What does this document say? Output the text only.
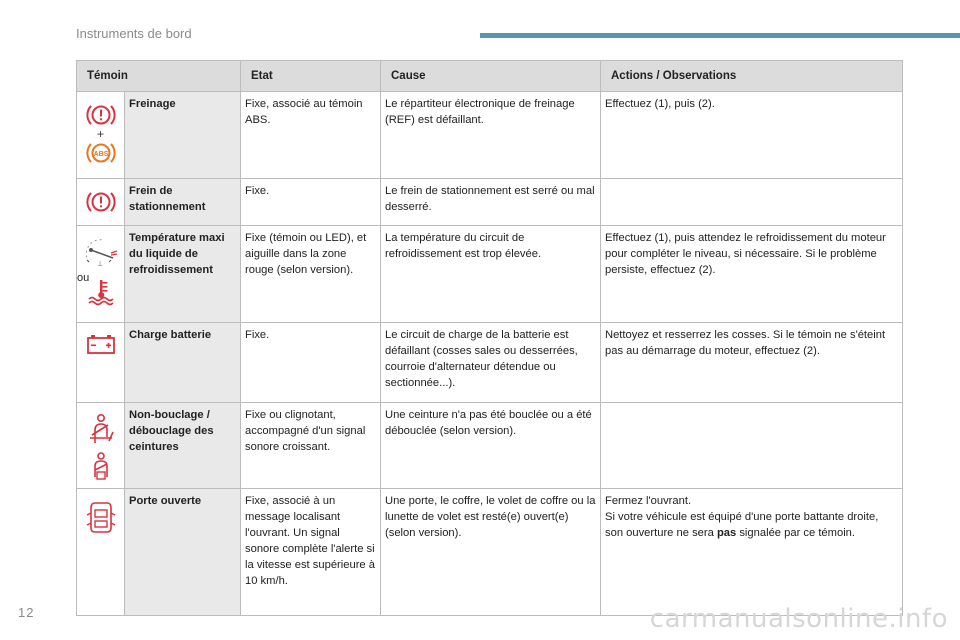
Instruments de bord
Témoin		Etat	Cause	Actions / Observations

+
ABS	Freinage	Fixe, associé au témoin ABS.	Le répartiteur électronique de freinage (REF) est défaillant.	Effectuez (1), puis (2).

	Frein de stationnement	Fixe.	Le frein de stationnement est serré ou mal desserré.	

⊥
ou	Température maxi du liquide de refroidissement	Fixe (témoin ou LED), et aiguille dans la zone rouge (selon version).	La température du circuit de refroidissement est trop élevée.	Effectuez (1), puis attendez le refroidissement du moteur pour compléter le niveau, si nécessaire. Si le problème persiste, effectuez (2).

	Charge batterie	Fixe.	Le circuit de charge de la batterie est défaillant (cosses sales ou desserrées, courroie d'alternateur détendue ou sectionnée...).	Nettoyez et resserrez les cosses. Si le témoin ne s'éteint pas au démarrage du moteur, effectuez (2).

	Non-bouclage / débouclage des ceintures	Fixe ou clignotant, accompagné d'un signal sonore croissant.	Une ceinture n'a pas été bouclée ou a été débouclée (selon version).	

	Porte ouverte	Fixe, associé à un message localisant l'ouvrant. Un signal sonore complète l'alerte si la vitesse est supérieure à 10 km/h.	Une porte, le coffre, le volet de coffre ou la lunette de volet est resté(e) ouvert(e) (selon version).	Fermez l'ouvrant.
Si votre véhicule est équipé d'une porte battante droite, son ouverture ne sera pas signalée par ce témoin.
12	carmanualsonline.info
